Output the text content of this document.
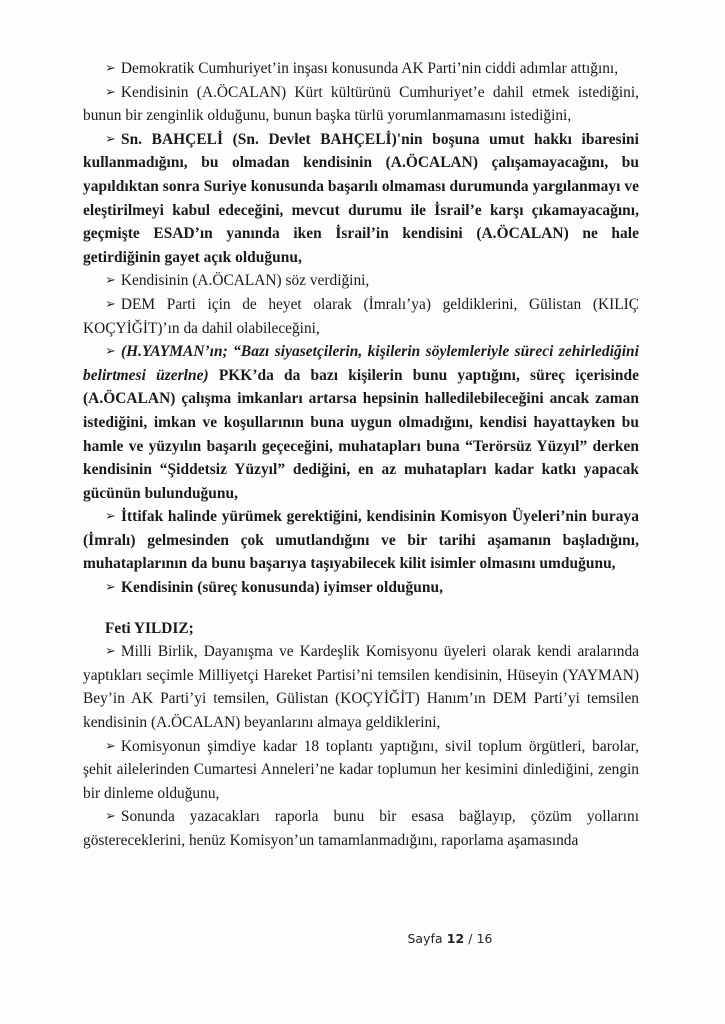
➢ Demokratik Cumhuriyet’in inşası konusunda AK Parti’nin ciddi adımlar attığını,

➢ Kendisinin (A.ÖCALAN) Kürt kültürünü Cumhuriyet’e dahil etmek istediğini, bunun bir zenginlik olduğunu, bunun başka türlü yorumlanmamasını istediğini,

➢ Sn. BAHÇELİ (Sn. Devlet BAHÇELİ)'nin boşuna umut hakkı ibaresini kullanmadığını, bu olmadan kendisinin (A.ÖCALAN) çalışamayacağını, bu yapıldıktan sonra Suriye konusunda başarılı olmaması durumunda yargılanmayı ve eleştirilmeyi kabul edeceğini, mevcut durumu ile İsrail’e karşı çıkamayacağını, geçmişte ESAD’ın yanında iken İsrail’in kendisini (A.ÖCALAN) ne hale getirdiğinin gayet açık olduğunu,

➢ Kendisinin (A.ÖCALAN) söz verdiğini,

➢ DEM Parti için de heyet olarak (İmralı’ya) geldiklerini, Gülistan (KILIÇ KOÇYİĞİT)’ın da dahil olabileceğini,

➢ (H.YAYMAN’ın; “Bazı siyasetçilerin, kişilerin söylemleriyle süreci zehirlediğini belirtmesi üzerlne) PKK’da da bazı kişilerin bunu yaptığını, süreç içerisinde (A.ÖCALAN) çalışma imkanları artarsa hepsinin halledilebileceğini ancak zaman istediğini, imkan ve koşullarının buna uygun olmadığını, kendisi hayattayken bu hamle ve yüzyılın başarılı geçeceğini, muhatapları buna “Terörsüz Yüzyıl” derken kendisinin “Şiddetsiz Yüzyıl” dediğini, en az muhatapları kadar katkı yapacak gücünün bulunduğunu,

➢ İttifak halinde yürümek gerektiğini, kendisinin Komisyon Üyeleri’nin buraya (İmralı) gelmesinden çok umutlandığını ve bir tarihi aşamanın başladığını, muhataplarının da bunu başarıya taşıyabilecek kilit isimler olmasını umduğunu,

➢ Kendisinin (süreç konusunda) iyimser olduğunu,

Feti YILDIZ;

➢ Milli Birlik, Dayanışma ve Kardeşlik Komisyonu üyeleri olarak kendi aralarında yaptıkları seçimle Milliyetçi Hareket Partisi’ni temsilen kendisinin, Hüseyin (YAYMAN) Bey’in AK Parti’yi temsilen, Gülistan (KOÇYİĞİT) Hanım’ın DEM Parti’yi temsilen kendisinin (A.ÖCALAN) beyanlarını almaya geldiklerini,

➢ Komisyonun şimdiye kadar 18 toplantı yaptığını, sivil toplum örgütleri, barolar, şehit ailelerinden Cumartesi Anneleri’ne kadar toplumun her kesimini dinlediğini, zengin bir dinleme olduğunu,

➢ Sonunda yazacakları raporla bunu bir esasa bağlayıp, çözüm yollarını göstereceklerini, henüz Komisyon’un tamamlanmadığını, raporlama aşamasında

Sayfa 12 / 16
